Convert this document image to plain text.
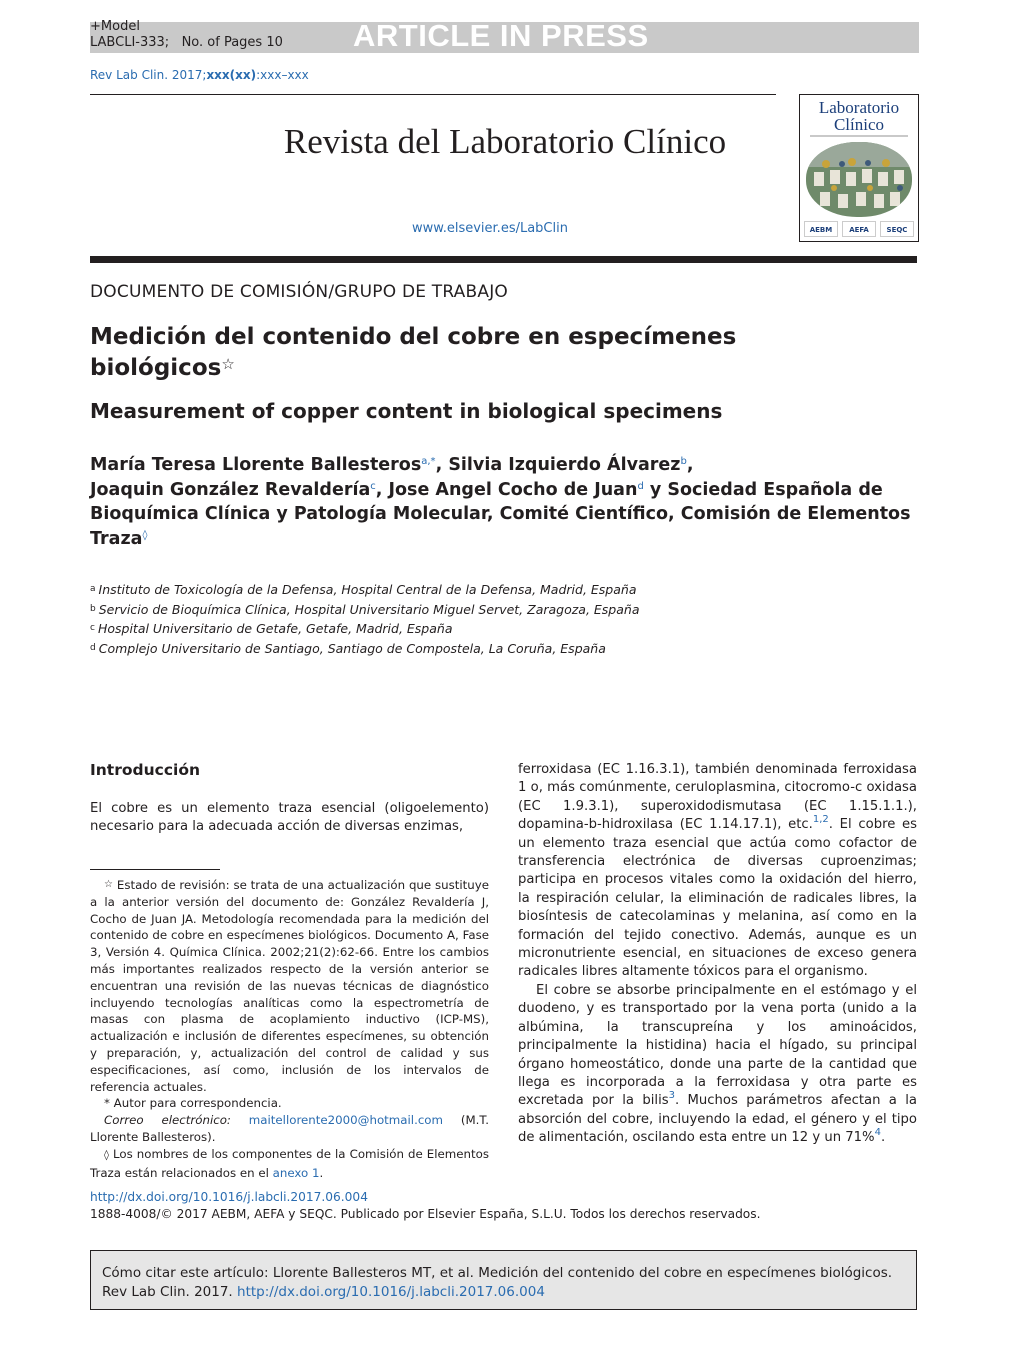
+Model
LABCLI-333; No. of Pages 10 ARTICLE IN PRESS
Rev Lab Clin. 2017;xxx(xx):xxx–xxx
Revista del Laboratorio Clínico
www.elsevier.es/LabClin
Laboratorio
Clínico
AEBM	AEFA	SEQC
DOCUMENTO DE COMISIÓN/GRUPO DE TRABAJO
Medición del contenido del cobre en especímenes biológicos☆
Measurement of copper content in biological specimens
María Teresa Llorente Ballesteros$^{a,*}$, Silvia Izquierdo Álvarez$^b$,
Joaquin González Revaldería$^c$, Jose Angel Cocho de Juan$^d$ y Sociedad Española de Bioquímica Clínica y Patología Molecular, Comité Científico, Comisión de Elementos Traza◊
$^a$ Instituto de Toxicología de la Defensa, Hospital Central de la Defensa, Madrid, España
$^b$ Servicio de Bioquímica Clínica, Hospital Universitario Miguel Servet, Zaragoza, España
$^c$ Hospital Universitario de Getafe, Getafe, Madrid, España
$^d$ Complejo Universitario de Santiago, Santiago de Compostela, La Coruña, España
Introducción
El cobre es un elemento traza esencial (oligoelemento) necesario para la adecuada acción de diversas enzimas,

ferroxidasa (EC 1.16.3.1), también denominada ferroxidasa 1 o, más comúnmente, ceruloplasmina, citocromo-c oxidasa (EC 1.9.3.1), superoxidodismutasa (EC 1.15.1.1.), dopamina-b-hidroxilasa (EC 1.14.17.1), etc.$^{1,2}$. El cobre es un elemento traza esencial que actúa como cofactor de transferencia electrónica de diversas cuproenzimas; participa en procesos vitales como la oxidación del hierro, la respiración celular, la eliminación de radicales libres, la biosíntesis de catecolaminas y melanina, así como en la formación del tejido conectivo. Además, aunque es un micronutriente esencial, en situaciones de exceso genera radicales libres altamente tóxicos para el organismo.

El cobre se absorbe principalmente en el estómago y el duodeno, y es transportado por la vena porta (unido a la albúmina, la transcupreína y los aminoácidos, principalmente la histidina) hacia el hígado, su principal órgano homeostático, donde una parte de la cantidad que llega es incorporada a la ferroxidasa y otra parte es excretada por la bilis$^3$. Muchos parámetros afectan a la absorción del cobre, incluyendo la edad, el género y el tipo de alimentación, oscilando esta entre un 12 y un 71%$^4$.

☆ Estado de revisión: se trata de una actualización que sustituye a la anterior versión del documento de: González Revaldería J, Cocho de Juan JA. Metodología recomendada para la medición del contenido de cobre en especímenes biológicos. Documento A, Fase 3, Versión 4. Química Clínica. 2002;21(2):62-66. Entre los cambios más importantes realizados respecto de la versión anterior se encuentran una revisión de las nuevas técnicas de diagnóstico incluyendo tecnologías analíticas como la espectrometría de masas con plasma de acoplamiento inductivo (ICP-MS), actualización e inclusión de diferentes especímenes, su obtención y preparación, y, actualización del control de calidad y sus especificaciones, así como, inclusión de los intervalos de referencia actuales.

* Autor para correspondencia.

Correo electrónico: maitellorente2000@hotmail.com (M.T. Llorente Ballesteros).

◊ Los nombres de los componentes de la Comisión de Elementos Traza están relacionados en el anexo 1.

http://dx.doi.org/10.1016/j.labcli.2017.06.004
1888-4008/© 2017 AEBM, AEFA y SEQC. Publicado por Elsevier España, S.L.U. Todos los derechos reservados.
Cómo citar este artículo: Llorente Ballesteros MT, et al. Medición del contenido del cobre en especímenes biológicos. Rev Lab Clin. 2017. http://dx.doi.org/10.1016/j.labcli.2017.06.004
